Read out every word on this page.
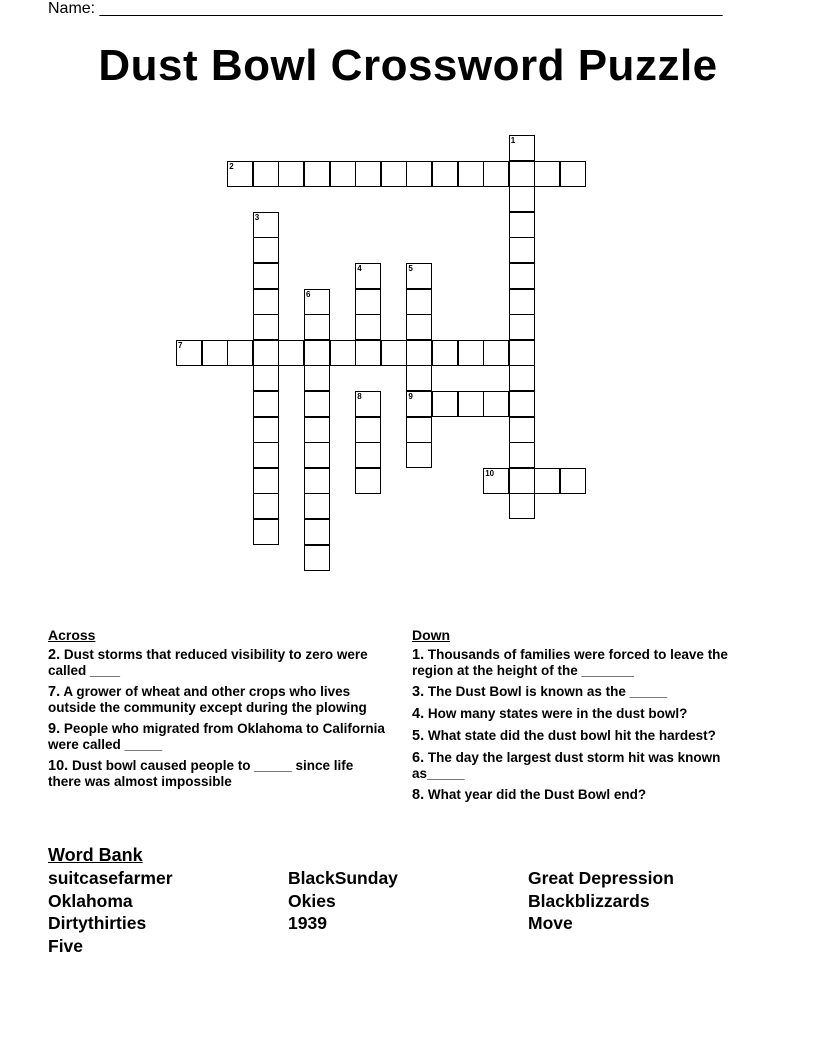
Name: ______________________________________________________________________
Dust Bowl Crossword Puzzle
1
2
3
4	5
6
7
8	9
10
Across
2. Dust storms that reduced visibility to zero were called ____
7. A grower of wheat and other crops who lives outside the community except during the plowing
9. People who migrated from Oklahoma to California were called _____
10. Dust bowl caused people to _____ since life there was almost impossible
Down
1. Thousands of families were forced to leave the region at the height of the _______
3. The Dust Bowl is known as the _____
4. How many states were in the dust bowl?
5. What state did the dust bowl hit the hardest?
6. The day the largest dust storm hit was known as_____
8. What year did the Dust Bowl end?
Word Bank
suitcasefarmer
Oklahoma
Dirtythirties
Five
BlackSunday
Okies
1939
Great Depression
Blackblizzards
Move
